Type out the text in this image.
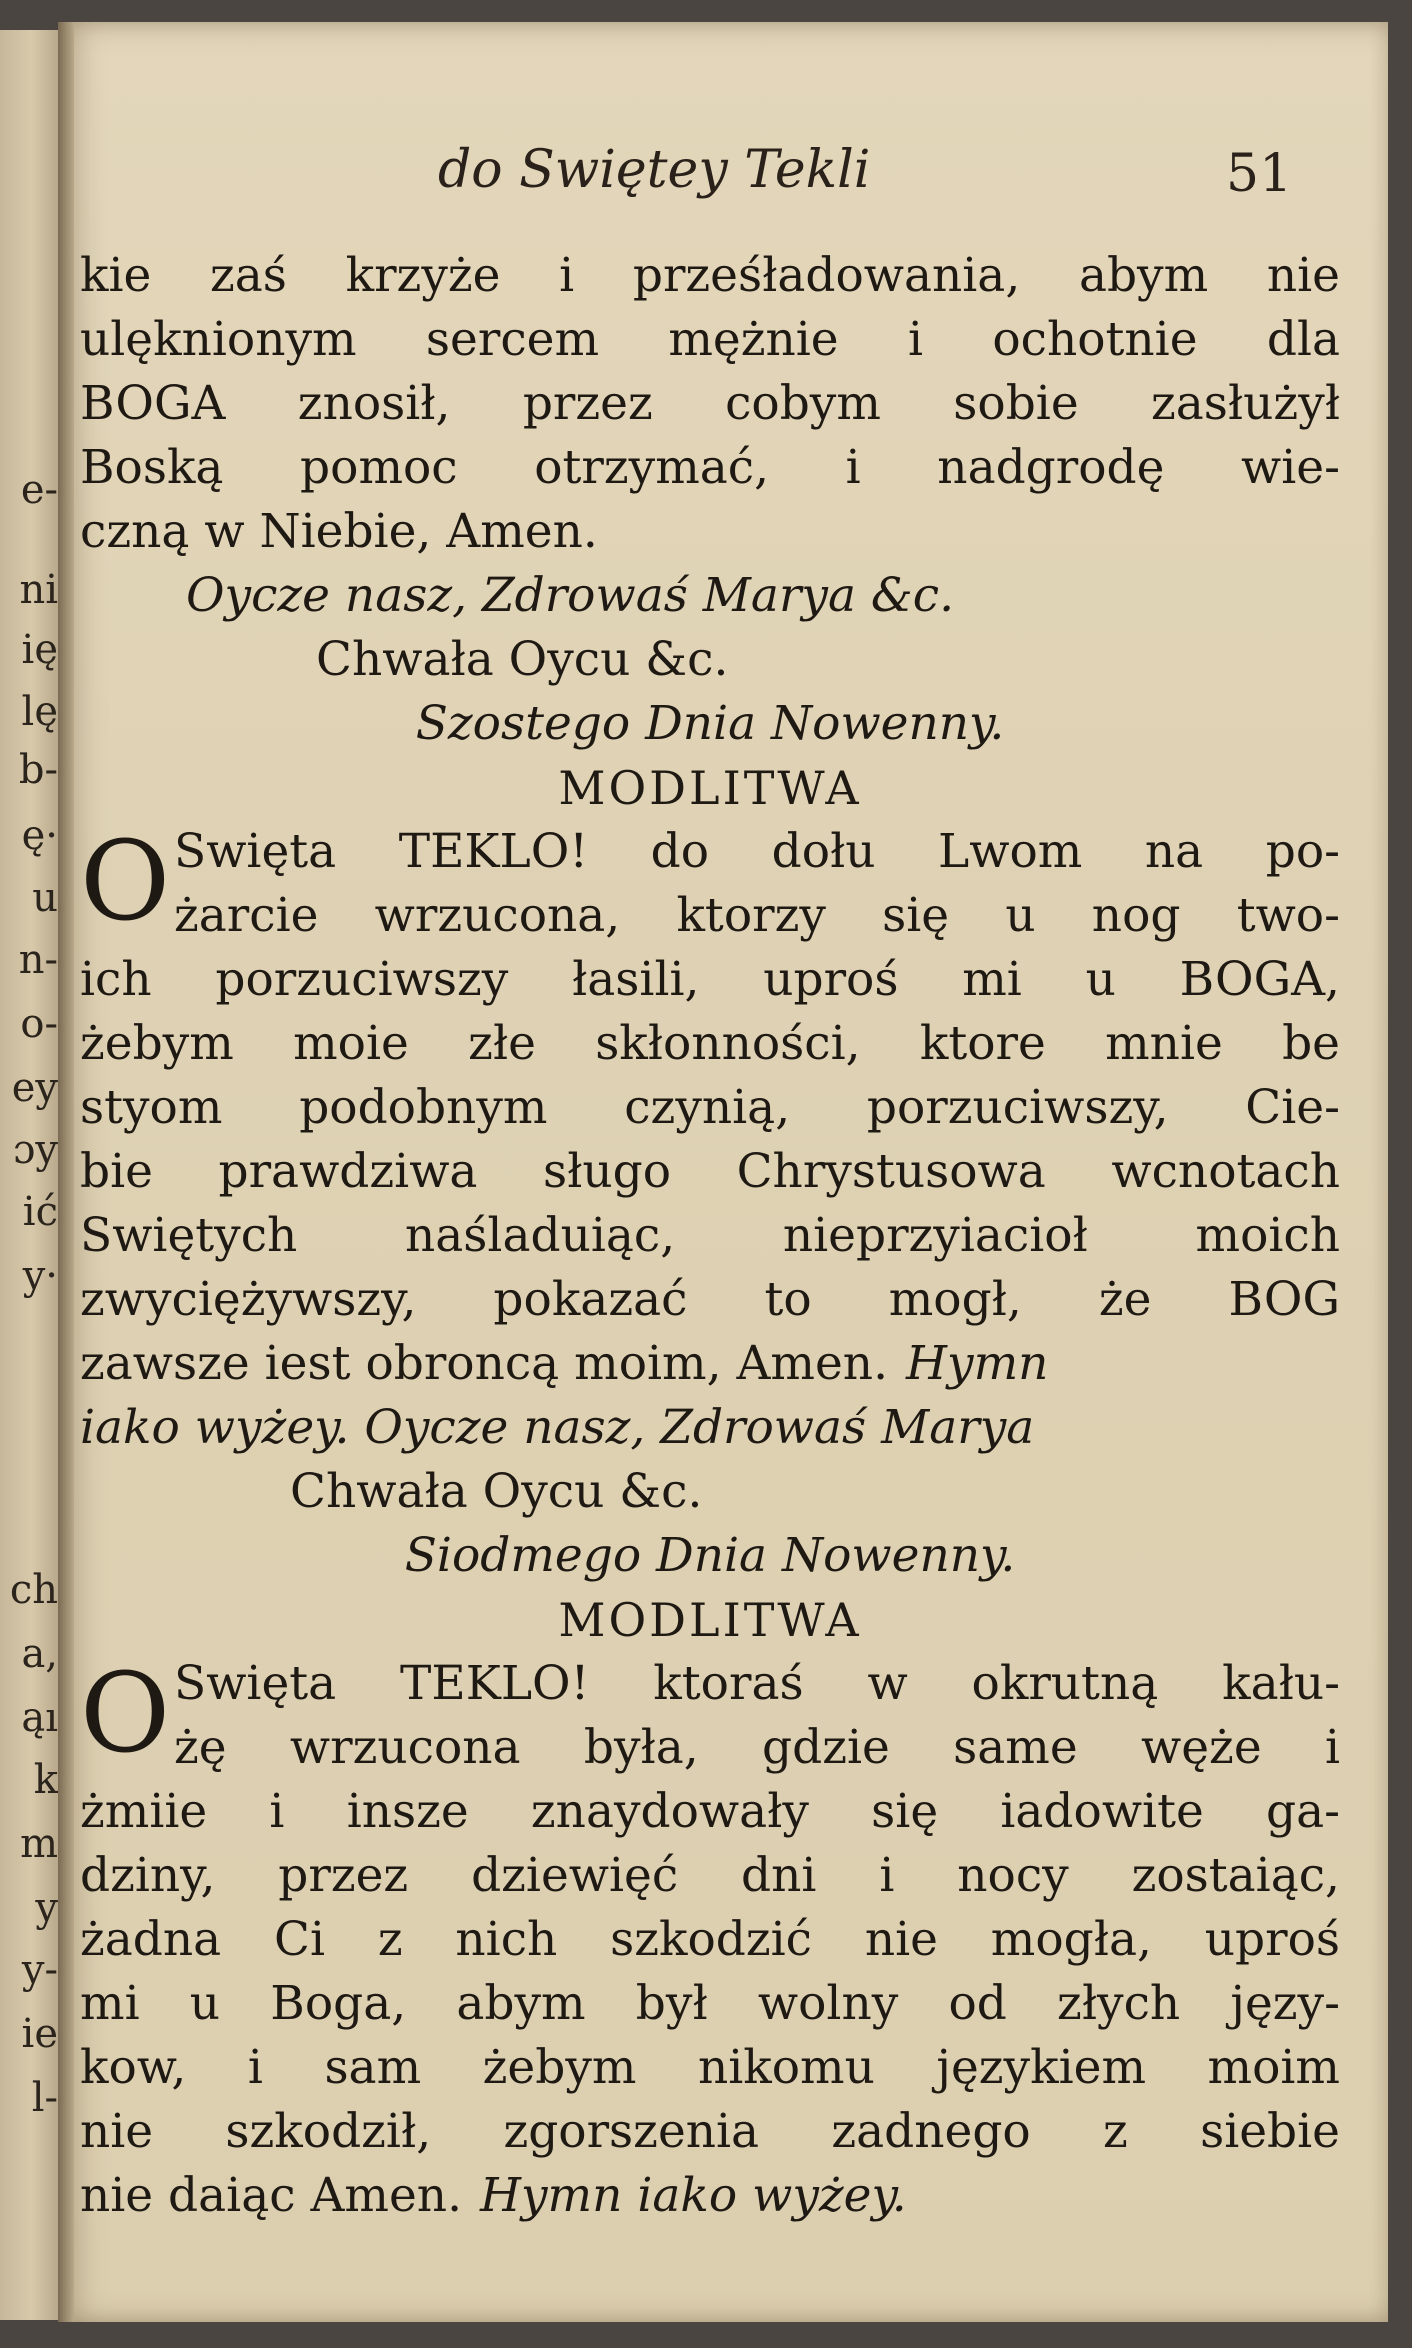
e-
ni
ię
lę
b-
ę·
u
n-
o-
ey
ɔy
ić
y·
ch
a,
ąı
k
m
y
y-
ie
l-
do Swiętey Tekli	51
kie zaś krzyże i prześładowania, abym nie
ulęknionym sercem mężnie i ochotnie dla
BOGA znosił, przez cobym sobie zasłużył
Boską pomoc otrzymać, i nadgrodę wie-
czną w Niebie, Amen.
Oycze nasz, Zdrowaś Marya &c.
Chwała Oycu &c.
Szostego Dnia Nowenny.
MODLITWA
O Swięta TEKLO! do dołu Lwom na po-
żarcie wrzucona, ktorzy się u nog two-
ich porzuciwszy łasili, uproś mi u BOGA,
żebym moie złe skłonności, ktore mnie be
styom podobnym czynią, porzuciwszy, Cie-
bie prawdziwa sługo Chrystusowa wcnotach
Swiętych naśladuiąc, nieprzyiacioł moich
zwyciężywszy, pokazać to mogł, że BOG
zawsze iest obroncą moim, Amen. Hymn
iako wyżey. Oycze nasz, Zdrowaś Marya
Chwała Oycu &c.
Siodmego Dnia Nowenny.
MODLITWA
O Swięta TEKLO! ktoraś w okrutną kału-
żę wrzucona była, gdzie same węże i
żmiie i insze znaydowały się iadowite ga-
dziny, przez dziewięć dni i nocy zostaiąc,
żadna Ci z nich szkodzić nie mogła, uproś
mi u Boga, abym był wolny od złych języ-
kow, i sam żebym nikomu językiem moim
nie szkodził, zgorszenia zadnego z siebie
nie daiąc Amen. Hymn iako wyżey.
